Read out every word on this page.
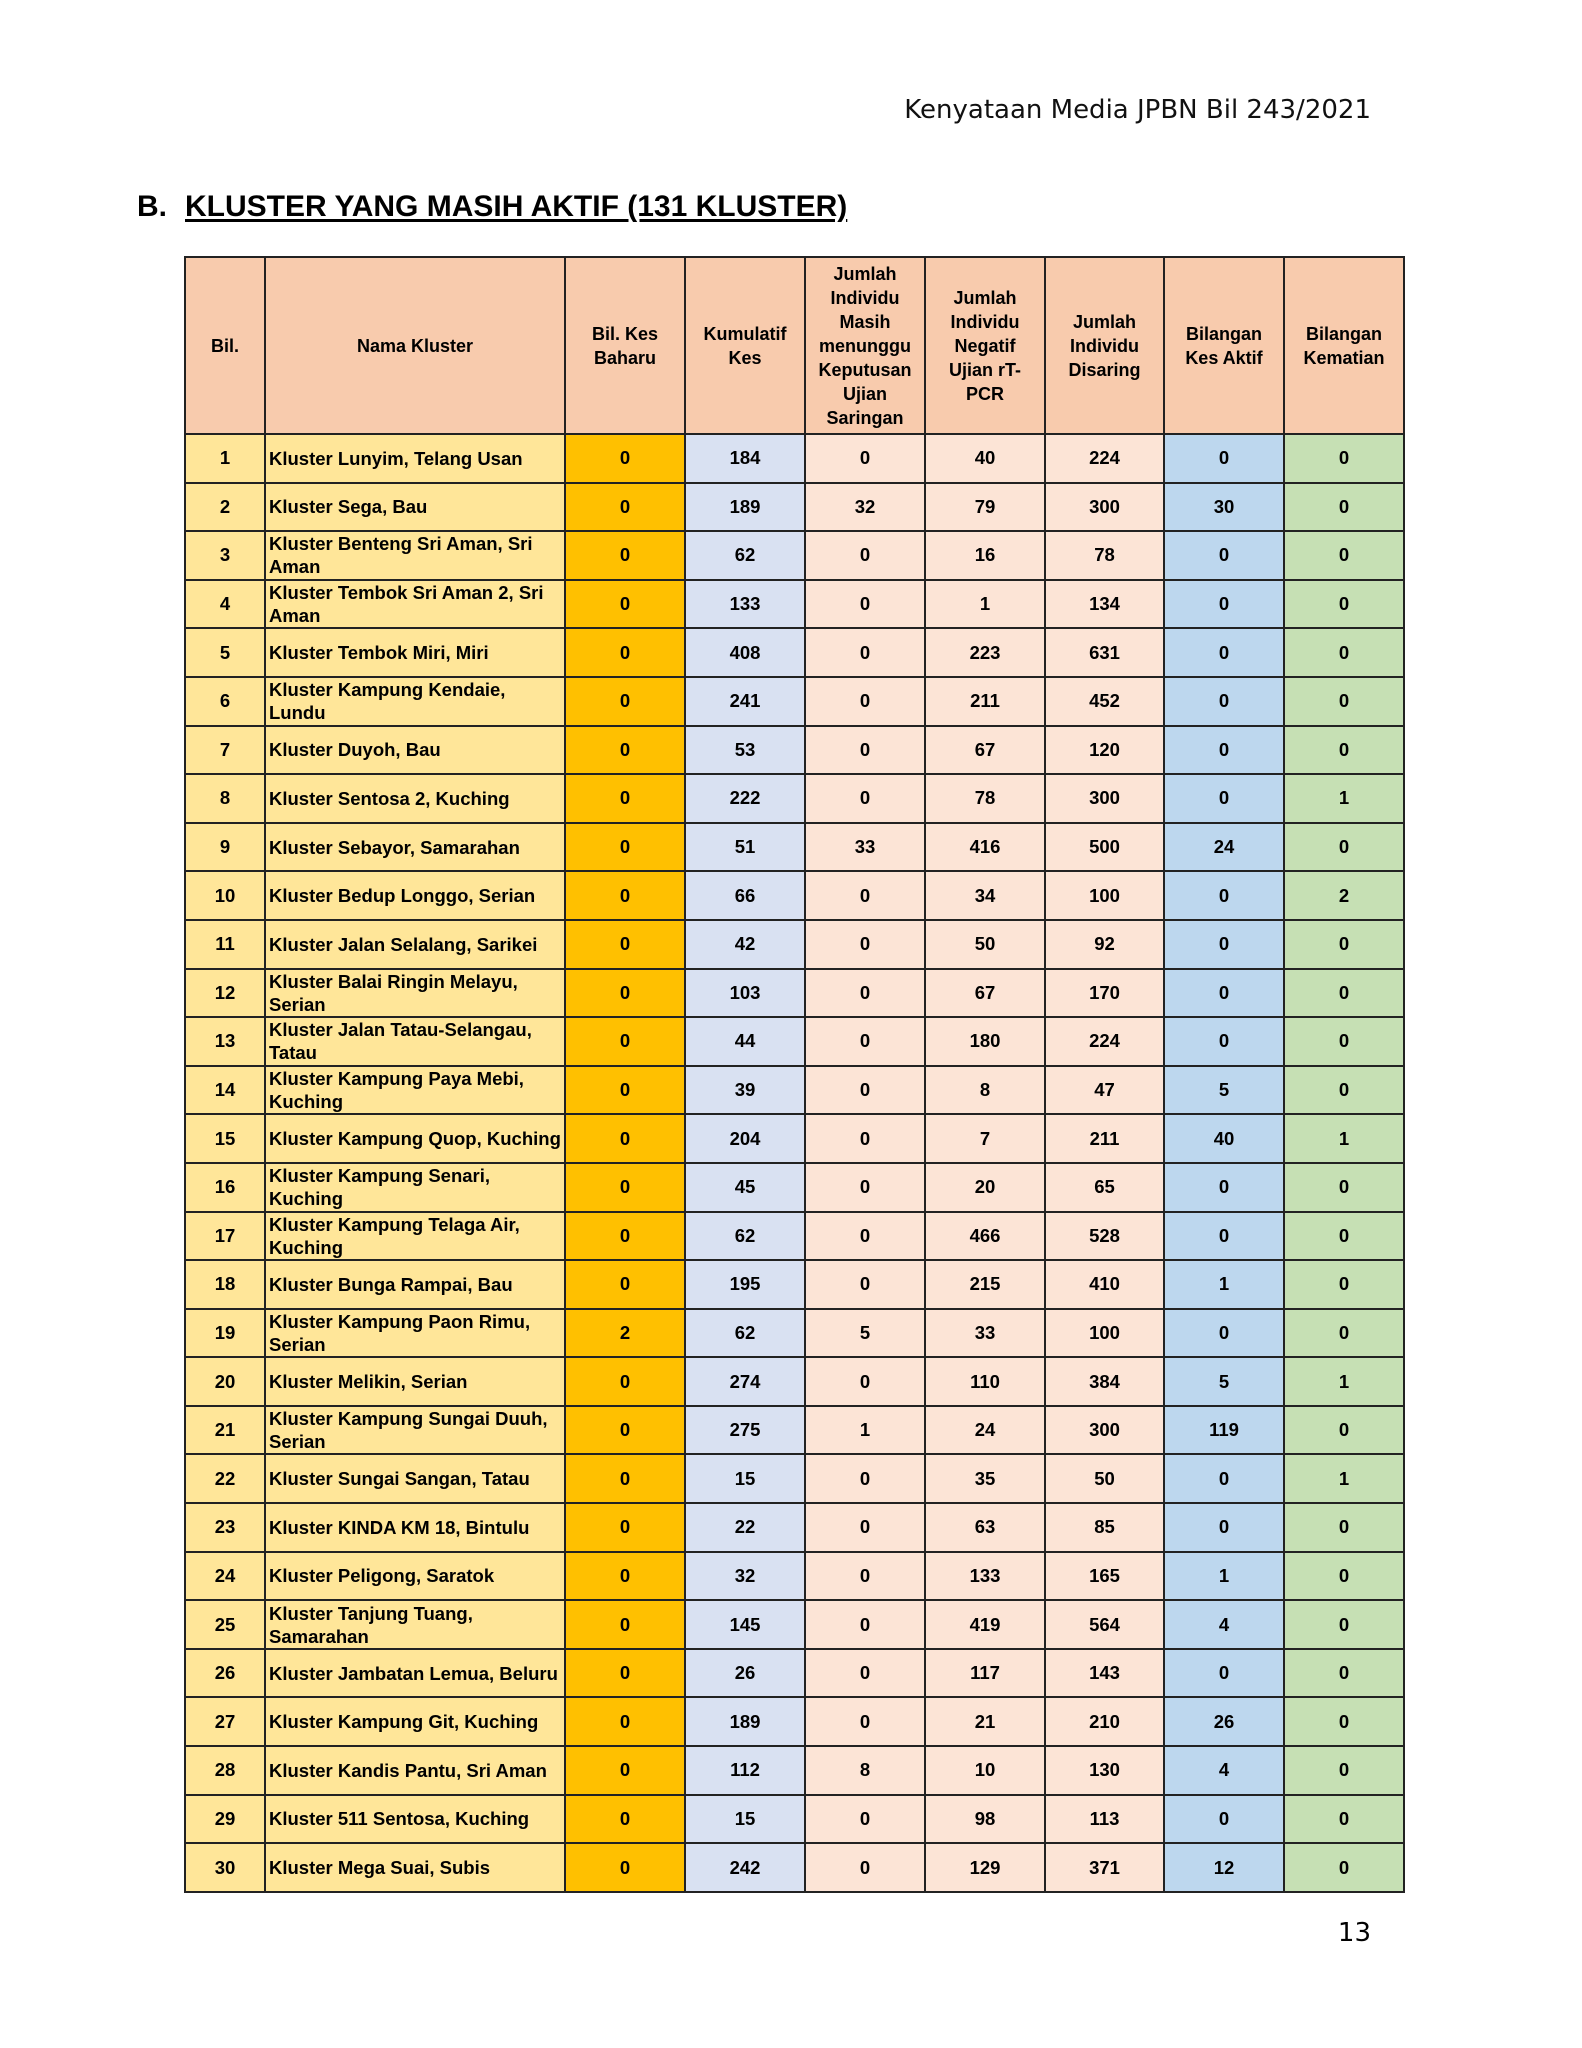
Kenyataan Media JPBN Bil 243/2021
B. KLUSTER YANG MASIH AKTIF (131 KLUSTER)
Bil.	Nama Kluster	Bil. Kes Baharu	Kumulatif Kes	Jumlah Individu Masih menunggu Keputusan Ujian Saringan	Jumlah Individu Negatif Ujian rT-PCR	Jumlah Individu Disaring	Bilangan Kes Aktif	Bilangan Kematian
1	Kluster Lunyim, Telang Usan	0	184	0	40	224	0	0
2	Kluster Sega, Bau	0	189	32	79	300	30	0
3	Kluster Benteng Sri Aman, Sri Aman	0	62	0	16	78	0	0
4	Kluster Tembok Sri Aman 2, Sri Aman	0	133	0	1	134	0	0
5	Kluster Tembok Miri, Miri	0	408	0	223	631	0	0
6	Kluster Kampung Kendaie, Lundu	0	241	0	211	452	0	0
7	Kluster Duyoh, Bau	0	53	0	67	120	0	0
8	Kluster Sentosa 2, Kuching	0	222	0	78	300	0	1
9	Kluster Sebayor, Samarahan	0	51	33	416	500	24	0
10	Kluster Bedup Longgo, Serian	0	66	0	34	100	0	2
11	Kluster Jalan Selalang, Sarikei	0	42	0	50	92	0	0
12	Kluster Balai Ringin Melayu, Serian	0	103	0	67	170	0	0
13	Kluster Jalan Tatau-Selangau, Tatau	0	44	0	180	224	0	0
14	Kluster Kampung Paya Mebi, Kuching	0	39	0	8	47	5	0
15	Kluster Kampung Quop, Kuching	0	204	0	7	211	40	1
16	Kluster Kampung Senari, Kuching	0	45	0	20	65	0	0
17	Kluster Kampung Telaga Air, Kuching	0	62	0	466	528	0	0
18	Kluster Bunga Rampai, Bau	0	195	0	215	410	1	0
19	Kluster Kampung Paon Rimu, Serian	2	62	5	33	100	0	0
20	Kluster Melikin, Serian	0	274	0	110	384	5	1
21	Kluster Kampung Sungai Duuh, Serian	0	275	1	24	300	119	0
22	Kluster Sungai Sangan, Tatau	0	15	0	35	50	0	1
23	Kluster KINDA KM 18, Bintulu	0	22	0	63	85	0	0
24	Kluster Peligong, Saratok	0	32	0	133	165	1	0
25	Kluster Tanjung Tuang, Samarahan	0	145	0	419	564	4	0
26	Kluster Jambatan Lemua, Beluru	0	26	0	117	143	0	0
27	Kluster Kampung Git, Kuching	0	189	0	21	210	26	0
28	Kluster Kandis Pantu, Sri Aman	0	112	8	10	130	4	0
29	Kluster 511 Sentosa, Kuching	0	15	0	98	113	0	0
30	Kluster Mega Suai, Subis	0	242	0	129	371	12	0
13
